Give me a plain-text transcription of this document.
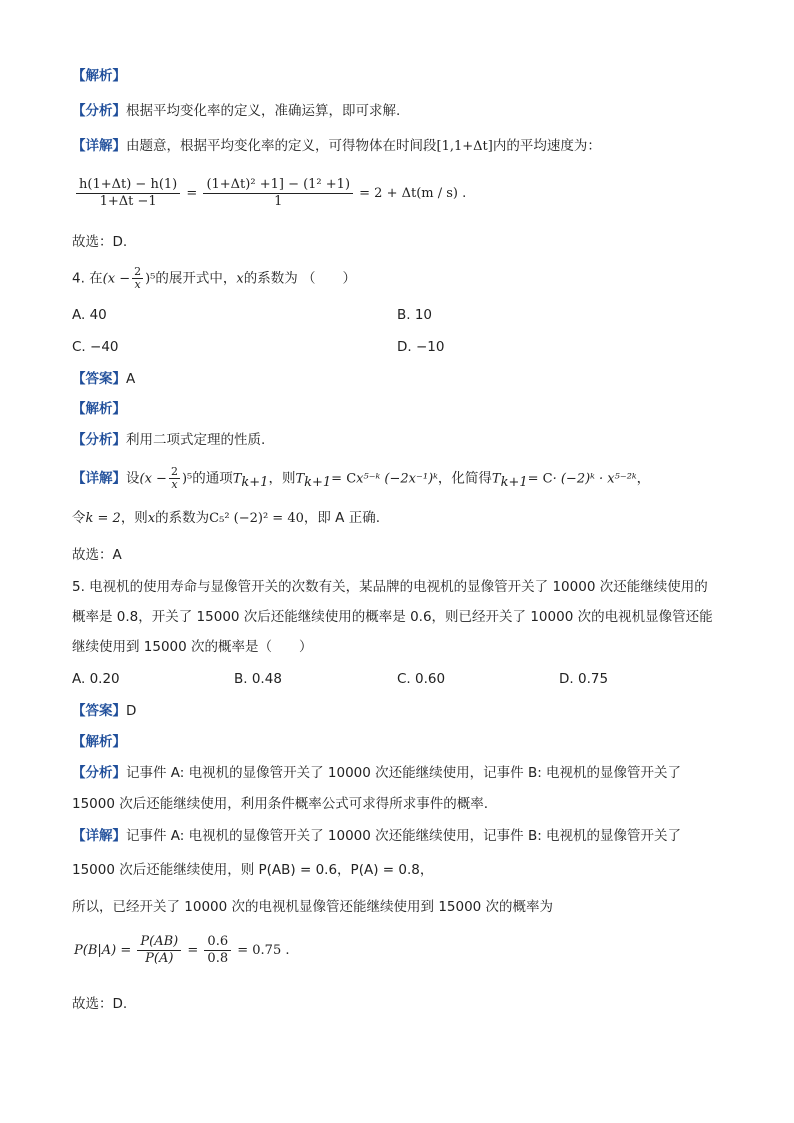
【解析】
【分析】根据平均变化率的定义，准确运算，即可求解.
【详解】由题意，根据平均变化率的定义，可得物体在时间段[1,1+Δt]内的平均速度为：
$\frac{h(1+\Delta t) - h(1)}{1+\Delta t -1} = \frac{\text{(1+Δt)² +1] − (1² +1)}}{1} = 2 + \Delta t(m / s)$ .
故选：D.
4. 在$(x - \frac{2}{x} )^5$的展开式中，x的系数为 （　　）
A. 40	B. 10
C. −40	D. −10
【答案】A
【解析】
【分析】利用二项式定理的性质.
【详解】设$(x - \frac{2}{x} )^5$的通项$T_{k+1}$，则$T_{k+1}=$ Cx⁵⁻ᵏ (−2x⁻¹)ᵏ，化简得$T_{k+1}= C\cdot$ (−2)ᵏ · x⁵⁻²ᵏ，
令k = 2，则x的系数为C₅² (−2)² = 40，即 A 正确.
故选：A
5. 电视机的使用寿命与显像管开关的次数有关，某品牌的电视机的显像管开关了 10000 次还能继续使用的
概率是 0.8，开关了 15000 次后还能继续使用的概率是 0.6，则已经开关了 10000 次的电视机显像管还能
继续使用到 15000 次的概率是（　　）
A. 0.20	B. 0.48	C. 0.60	D. 0.75
【答案】D
【解析】
【分析】记事件 A: 电视机的显像管开关了 10000 次还能继续使用，记事件 B: 电视机的显像管开关了
15000 次后还能继续使用，利用条件概率公式可求得所求事件的概率.
【详解】记事件 A: 电视机的显像管开关了 10000 次还能继续使用，记事件 B: 电视机的显像管开关了
15000 次后还能继续使用，则 P(AB) = 0.6，P(A) = 0.8，
所以，已经开关了 10000 次的电视机显像管还能继续使用到 15000 次的概率为
$P(B|A) = \frac{P(AB)}{P(A)} = \frac{0.6}{0.8} = 0.75$ .
故选：D.
